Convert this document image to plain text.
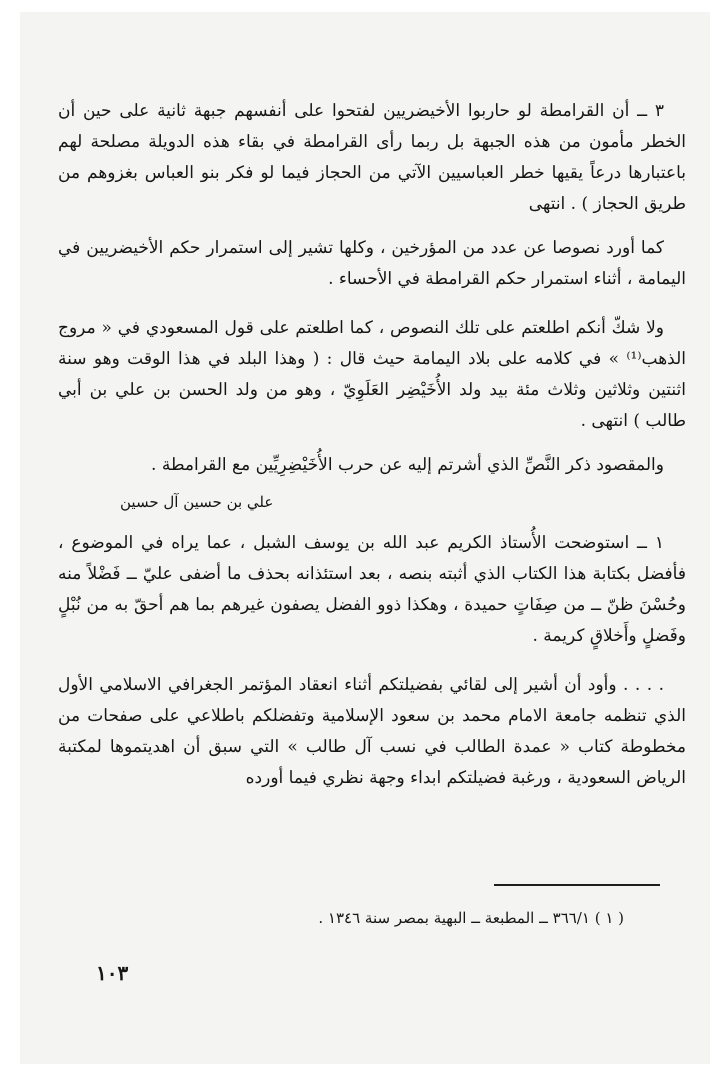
٣ ــ أن القرامطة لو حاربوا الأخيضريين لفتحوا على أنفسهم جبهة ثانية على حين أن الخطر مأمون من هذه الجبهة بل ربما رأى القرامطة في بقاء هذه الدويلة مصلحة لهم باعتبارها درعاً يقيها خطر العباسيين الآتي من الحجاز فيما لو فكر بنو العباس بغزوهم من طريق الحجاز ) . انتهى

كما أورد نصوصا عن عدد من المؤرخين ، وكلها تشير إلى استمرار حكم الأخيضريين في اليمامة ، أثناء استمرار حكم القرامطة في الأحساء .

ولا شكّ أنكم اطلعتم على تلك النصوص ، كما اطلعتم على قول المسعودي في « مروج الذهب⁽¹⁾ » في كلامه على بلاد اليمامة حيث قال : ( وهذا البلد في هذا الوقت وهو سنة اثنتين وثلاثين وثلاث مئة بيد ولد الأُخَيْضِر العَلَوِيّ ، وهو من ولد الحسن بن علي بن أبي طالب ) انتهى .

والمقصود ذكر النَّصِّ الذي أشرتم إليه عن حرب الأُخَيْضِرِيِّين مع القرامطة .

علي بن حسين آل حسين

١ ــ استوضحت الأُستاذ الكريم عبد الله بن يوسف الشبل ، عما يراه في الموضوع ، فأفضل بكتابة هذا الكتاب الذي أثبته بنصه ، بعد استئذانه بحذف ما أضفى عليّ ــ فَضْلاً منه وحُسْنَ ظنّ ــ من صِفَاتٍ حميدة ، وهكذا ذوو الفضل يصفون غيرهم بما هم أحقّ به من نُبْلٍ وفَضلٍ وأَخلاقٍ كريمة .

. . . . وأود أن أشير إلى لقائي بفضيلتكم أثناء انعقاد المؤتمر الجغرافي الاسلامي الأول الذي تنظمه جامعة الامام محمد بن سعود الإسلامية وتفضلكم باطلاعي على صفحات من مخطوطة كتاب « عمدة الطالب في نسب آل طالب » التي سبق أن اهديتموها لمكتبة الرياض السعودية ، ورغبة فضيلتكم ابداء وجهة نظري فيما أورده

( ١ ) ٣٦٦/١ ــ المطبعة ــ البهية بمصر سنة ١٣٤٦ .
١٠٣
